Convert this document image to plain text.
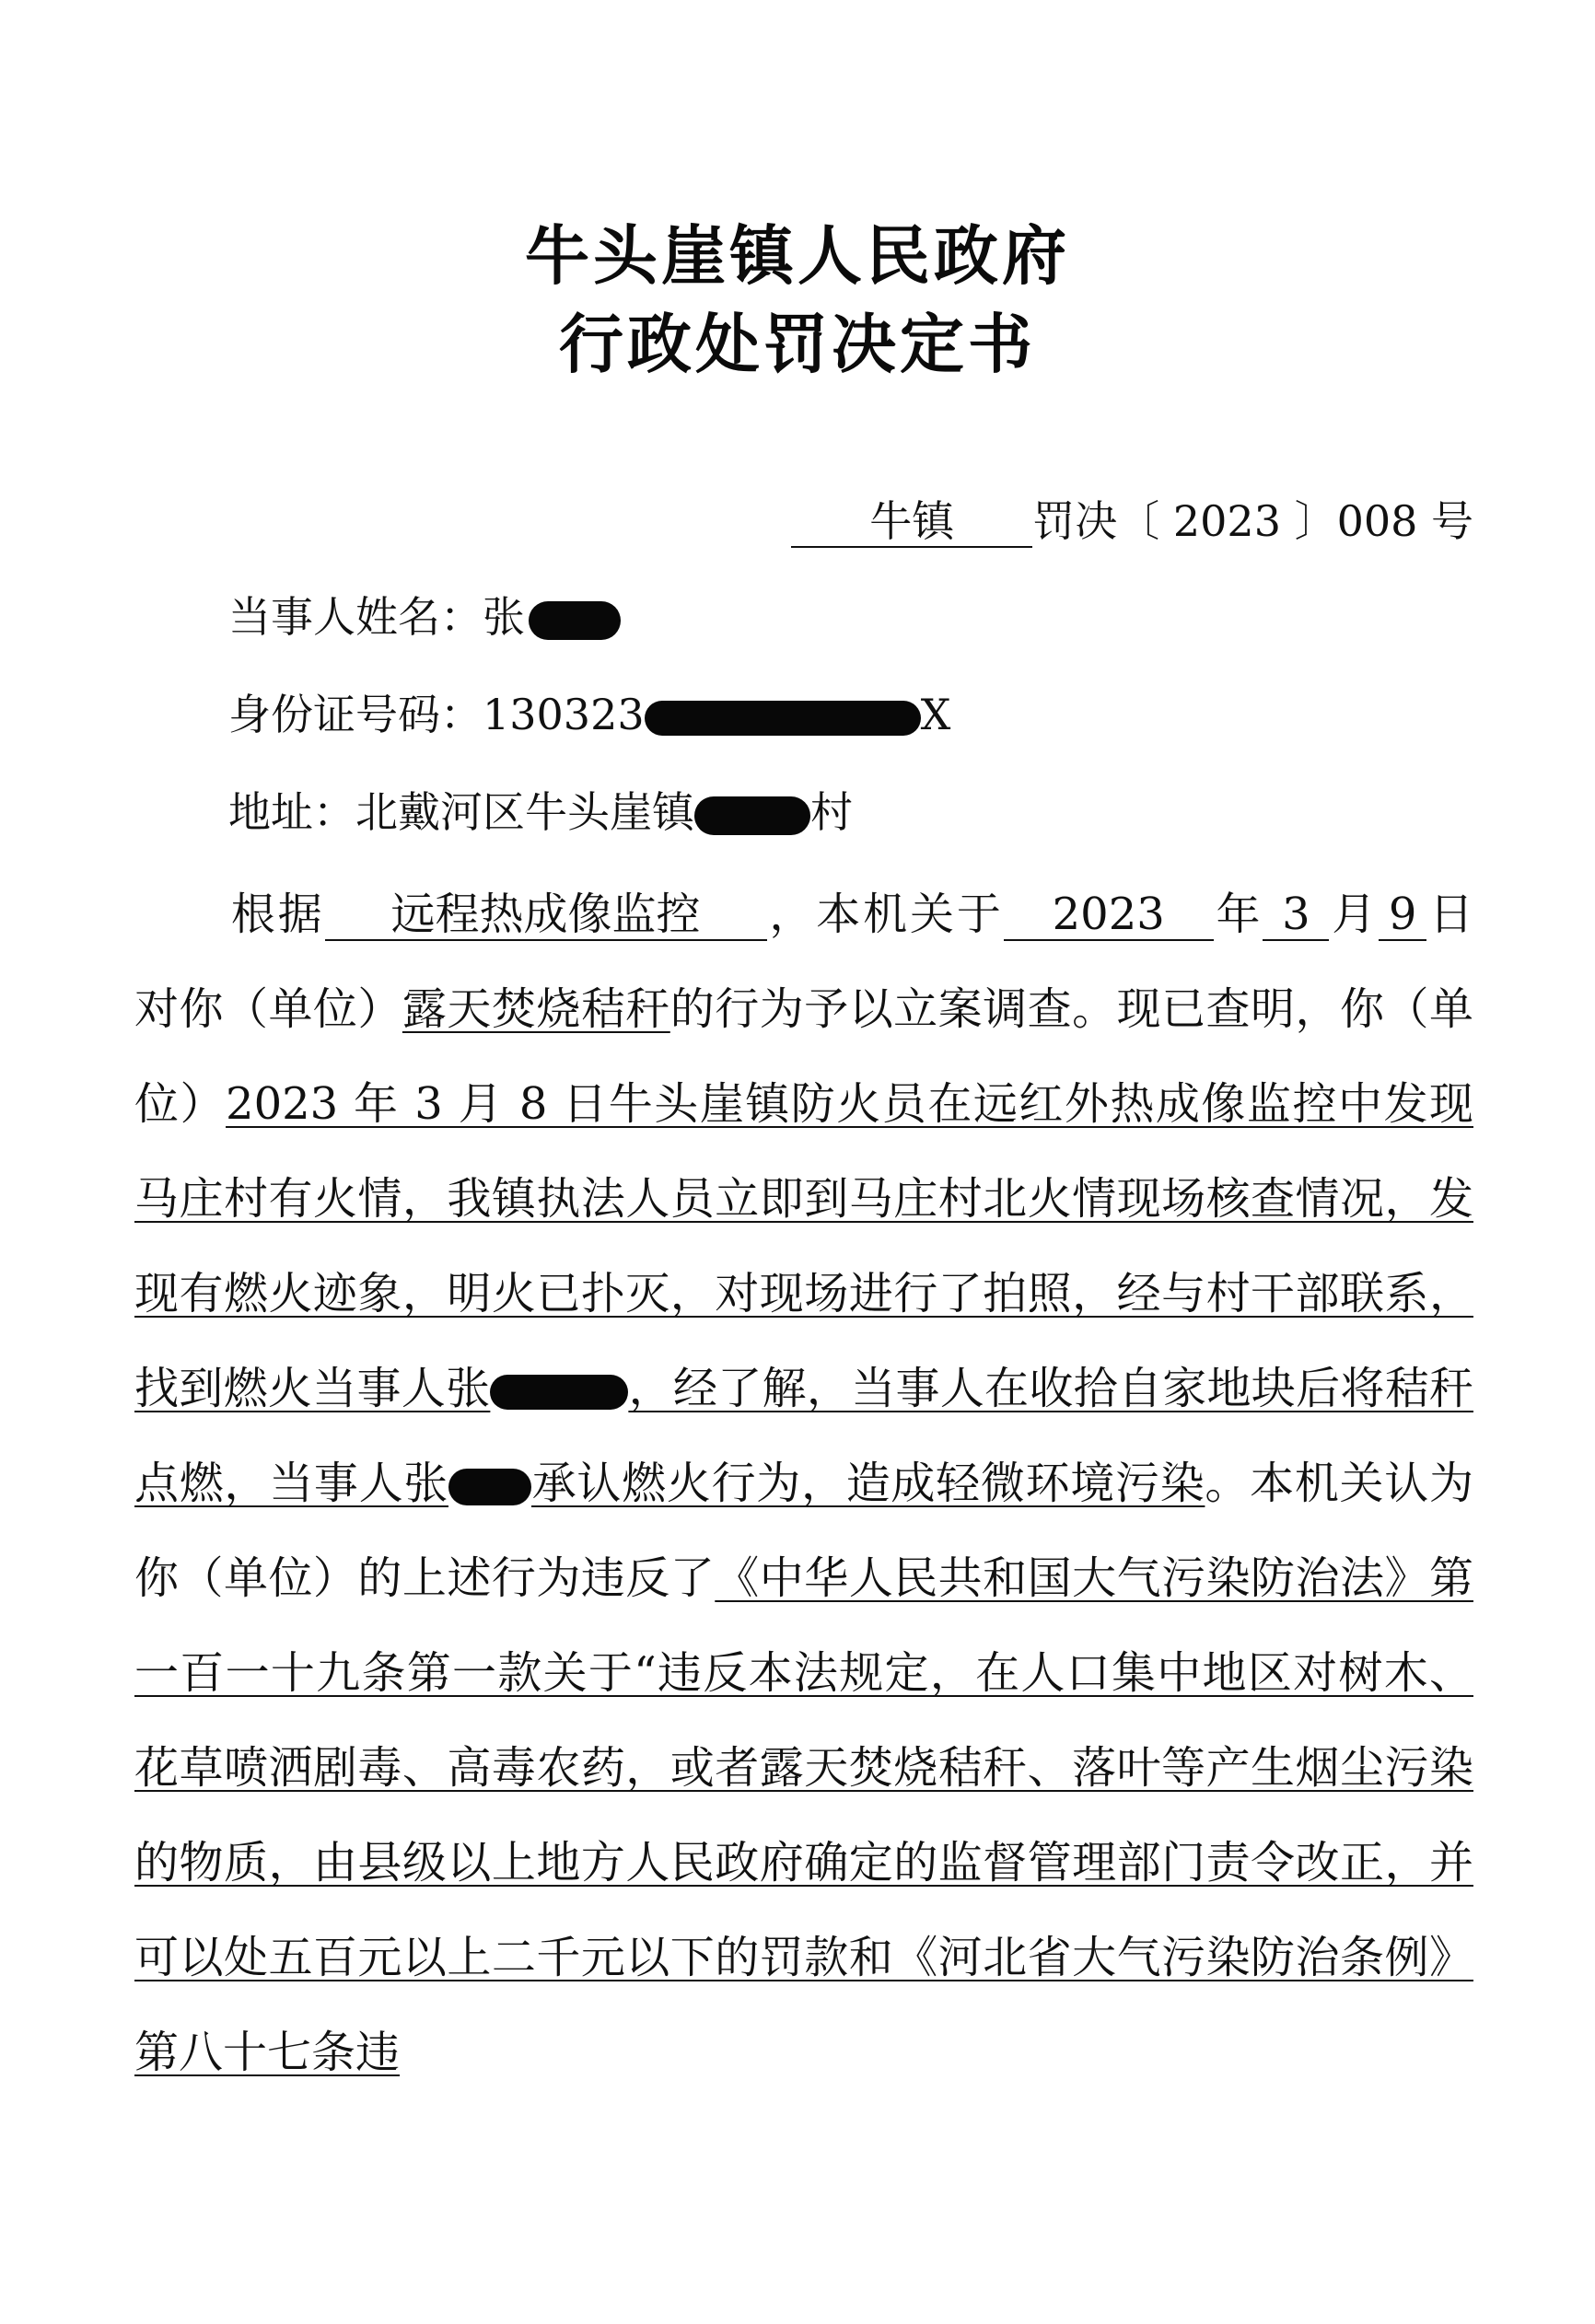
牛头崖镇人民政府
行政处罚决定书
牛镇 罚决〔 2023 〕008 号
当事人姓名：张
身份证号码：130323	X
地址：北戴河区牛头崖镇	村
根据 远程热成像监控 ，本机关于 2023 年 3 月 9 日对你（单位）露天焚烧秸秆的行为予以立案调查。现已查明，你（单位）2023 年 3 月 8 日牛头崖镇防火员在远红外热成像监控中发现马庄村有火情，我镇执法人员立即到马庄村北火情现场核查情况，发现有燃火迹象，明火已扑灭，对现场进行了拍照，经与村干部联系，找到燃火当事人张	，经了解，当事人在收拾自家地块后将秸秆点燃，当事人张 承认燃火行为，造成轻微环境污染。本机关认为你（单位）的上述行为违反了《中华人民共和国大气污染防治法》第一百一十九条第一款关于“违反本法规定，在人口集中地区对树木、花草喷洒剧毒、高毒农药，或者露天焚烧秸秆、落叶等产生烟尘污染的物质，由县级以上地方人民政府确定的监督管理部门责令改正，并可以处五百元以上二千元以下的罚款和《河北省大气污染防治条例》第八十七条违
